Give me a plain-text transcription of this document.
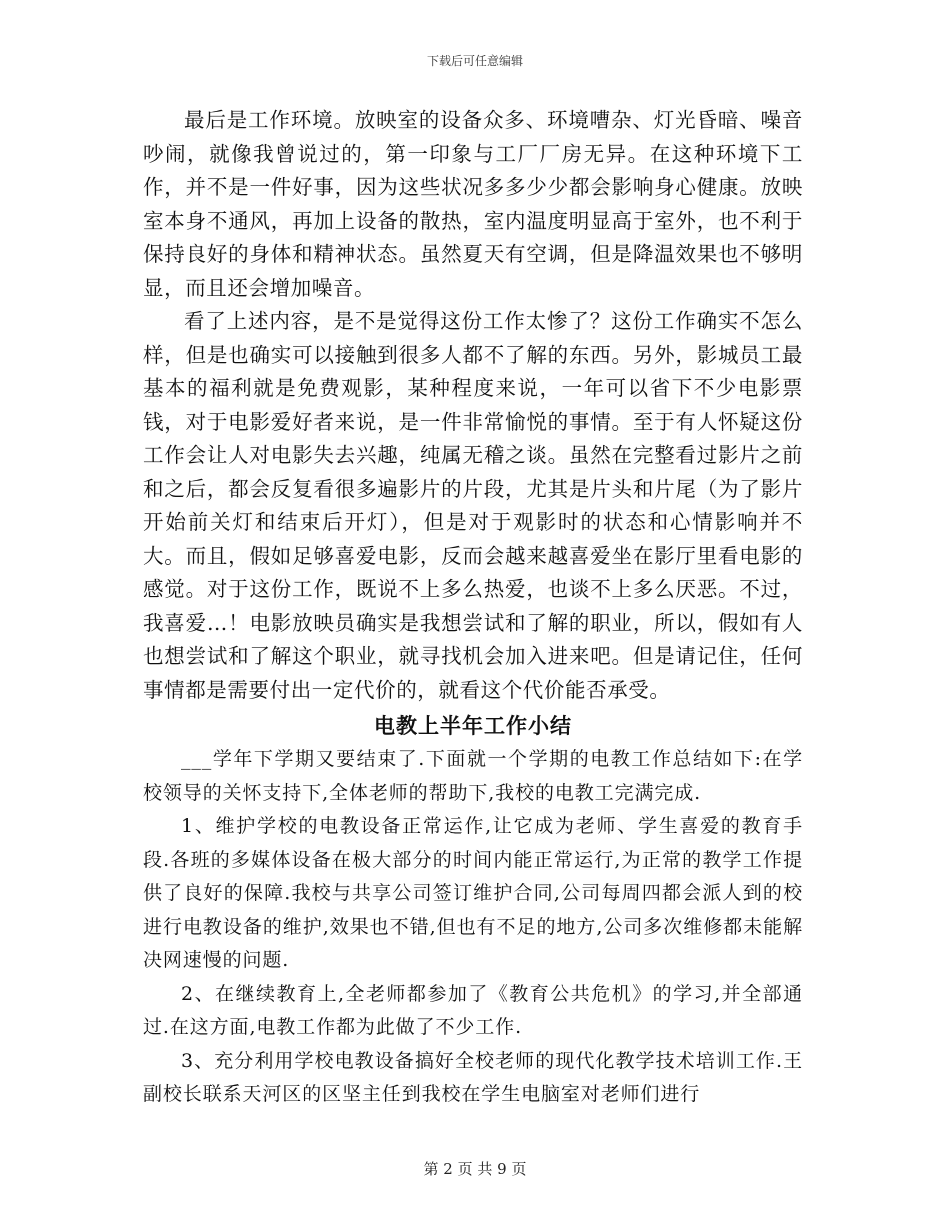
下载后可任意编辑

最后是工作环境。放映室的设备众多、环境嘈杂、灯光昏暗、噪音吵闹，就像我曾说过的，第一印象与工厂厂房无异。在这种环境下工作，并不是一件好事，因为这些状况多多少少都会影响身心健康。放映室本身不通风，再加上设备的散热，室内温度明显高于室外，也不利于保持良好的身体和精神状态。虽然夏天有空调，但是降温效果也不够明显，而且还会增加噪音。

看了上述内容，是不是觉得这份工作太惨了？这份工作确实不怎么样，但是也确实可以接触到很多人都不了解的东西。另外，影城员工最基本的福利就是免费观影，某种程度来说，一年可以省下不少电影票钱，对于电影爱好者来说，是一件非常愉悦的事情。至于有人怀疑这份工作会让人对电影失去兴趣，纯属无稽之谈。虽然在完整看过影片之前和之后，都会反复看很多遍影片的片段，尤其是片头和片尾（为了影片开始前关灯和结束后开灯），但是对于观影时的状态和心情影响并不大。而且，假如足够喜爱电影，反而会越来越喜爱坐在影厅里看电影的感觉。对于这份工作，既说不上多么热爱，也谈不上多么厌恶。不过，我喜爱…！电影放映员确实是我想尝试和了解的职业，所以，假如有人也想尝试和了解这个职业，就寻找机会加入进来吧。但是请记住，任何事情都是需要付出一定代价的，就看这个代价能否承受。

电教上半年工作小结

___学年下学期又要结束了.下面就一个学期的电教工作总结如下:在学校领导的关怀支持下,全体老师的帮助下,我校的电教工完满完成.

1、维护学校的电教设备正常运作,让它成为老师、学生喜爱的教育手段.各班的多媒体设备在极大部分的时间内能正常运行,为正常的教学工作提供了良好的保障.我校与共享公司签订维护合同,公司每周四都会派人到的校进行电教设备的维护,效果也不错,但也有不足的地方,公司多次维修都未能解决网速慢的问题.

2、在继续教育上,全老师都参加了《教育公共危机》的学习,并全部通过.在这方面,电教工作都为此做了不少工作.

3、充分利用学校电教设备搞好全校老师的现代化教学技术培训工作.王副校长联系天河区的区坚主任到我校在学生电脑室对老师们进行

第 2 页 共 9 页
